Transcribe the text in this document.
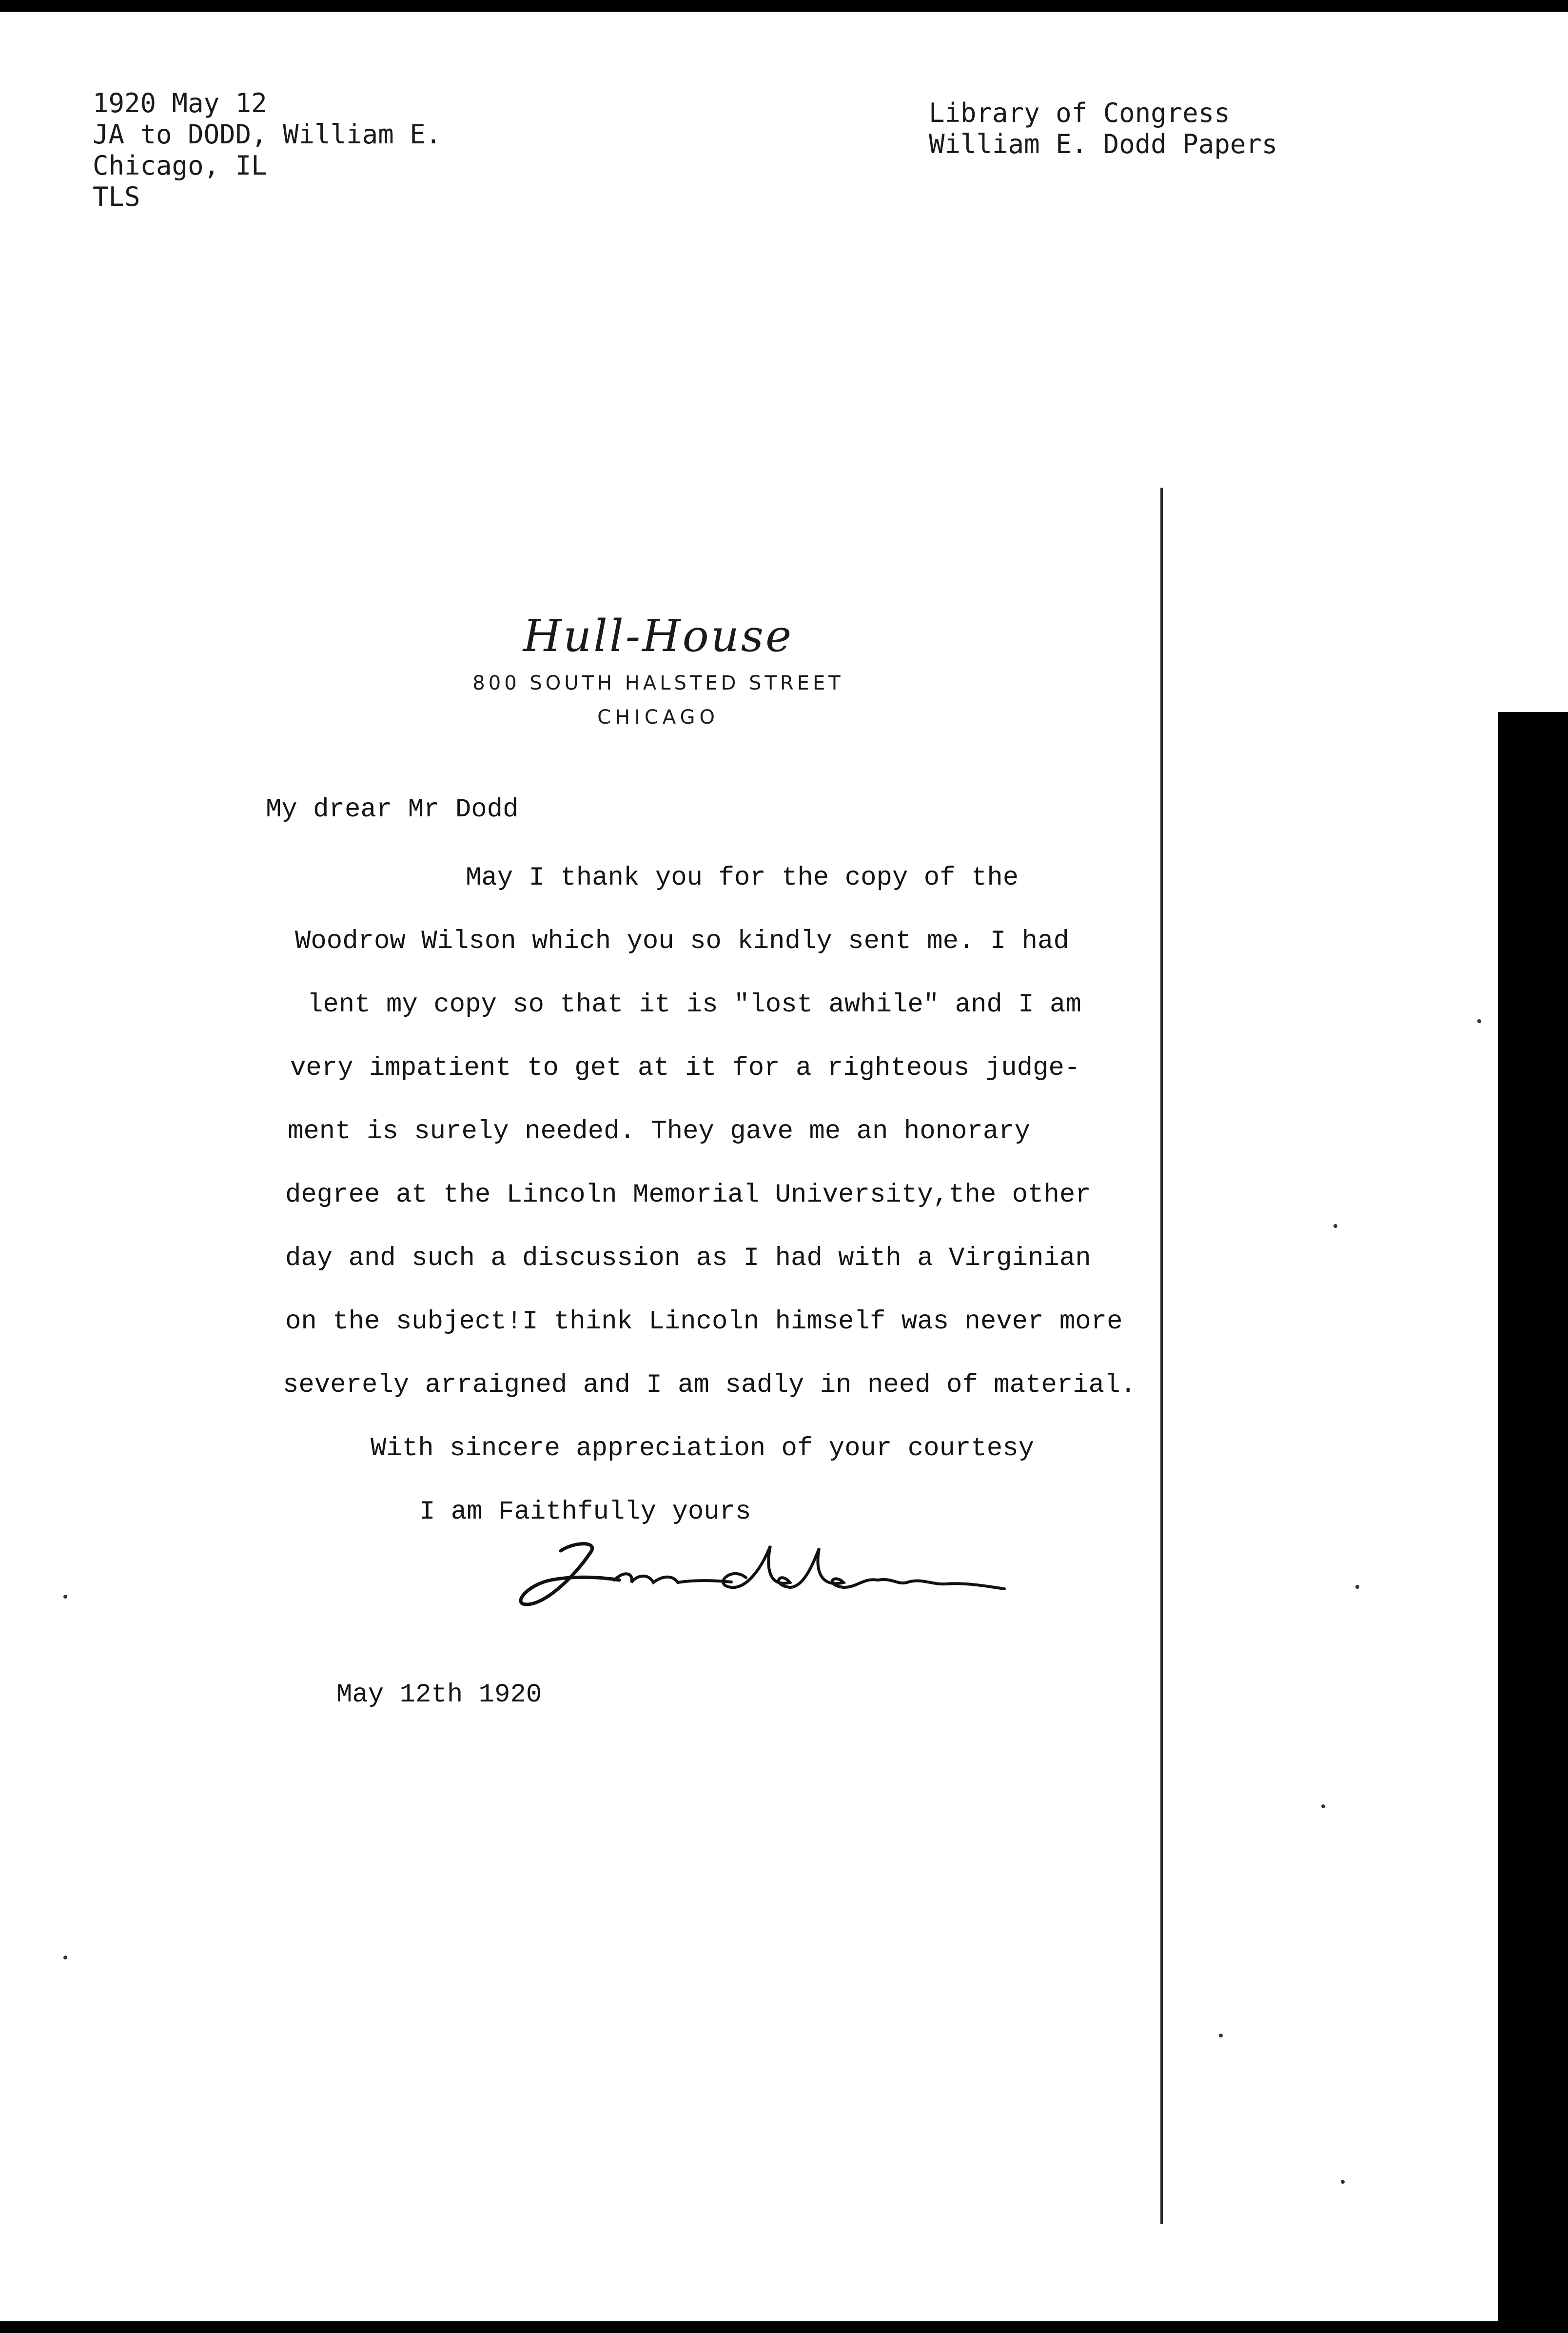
1920 May 12
JA to DODD, William E.
Chicago, IL
TLS
Library of Congress
William E. Dodd Papers
Hull-House
800 SOUTH HALSTED STREET
CHICAGO
My drear Mr Dodd
May I thank you for the copy of the
Woodrow Wilson which you so kindly sent me. I had
lent my copy so that it is "lost awhile" and I am
very impatient to get at it for a righteous judge-
ment is surely needed. They gave me an honorary
degree at the Lincoln Memorial University,the other
day and such a discussion as I had with a Virginian
on the subject!I think Lincoln himself was never more
severely arraigned and I am sadly in need of material.
With sincere appreciation of your courtesy
I am Faithfully yours
May 12th 1920
